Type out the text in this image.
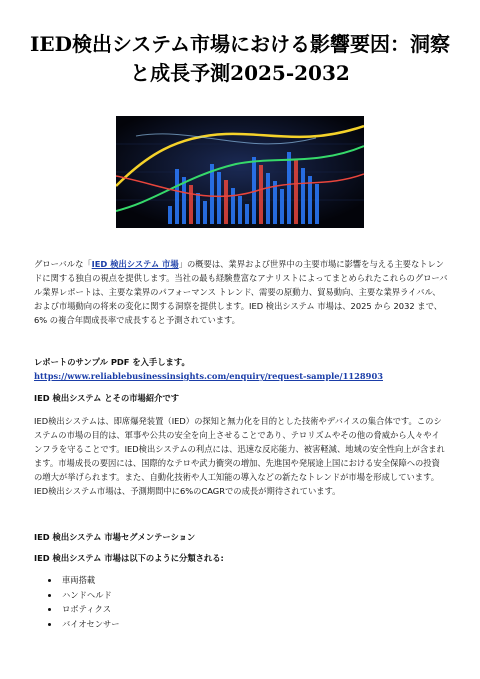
IED検出システム市場における影響要因：洞察と成長予測2025-2032
グローバルな「IED 検出システム 市場」の概要は、業界および世界中の主要市場に影響を与える主要なトレンドに関する独自の視点を提供します。当社の最も経験豊富なアナリストによってまとめられたこれらのグローバル業界レポートは、主要な業界のパフォーマンス トレンド、需要の原動力、貿易動向、主要な業界ライバル、および市場動向の将来の変化に関する洞察を提供します。IED 検出システム 市場は、2025 から 2032 まで、6% の複合年間成長率で成長すると予測されています。
レポートのサンプル PDF を入手します。
https://www.reliablebusinessinsights.com/enquiry/request-sample/1128903
IED 検出システム とその市場紹介です
IED検出システムは、即席爆発装置（IED）の探知と無力化を目的とした技術やデバイスの集合体です。このシステムの市場の目的は、軍事や公共の安全を向上させることであり、テロリズムやその他の脅威から人々やインフラを守ることです。IED検出システムの利点には、迅速な反応能力、被害軽減、地域の安全性向上が含まれます。市場成長の要因には、国際的なテロや武力衝突の増加、先進国や発展途上国における安全保障への投資の増大が挙げられます。また、自動化技術や人工知能の導入などの新たなトレンドが市場を形成しています。IED検出システム市場は、予測期間中に6%のCAGRでの成長が期待されています。
IED 検出システム 市場セグメンテーション
IED 検出システム 市場は以下のように分類される:
• 車両搭載
• ハンドヘルド
• ロボティクス
• バイオセンサー
